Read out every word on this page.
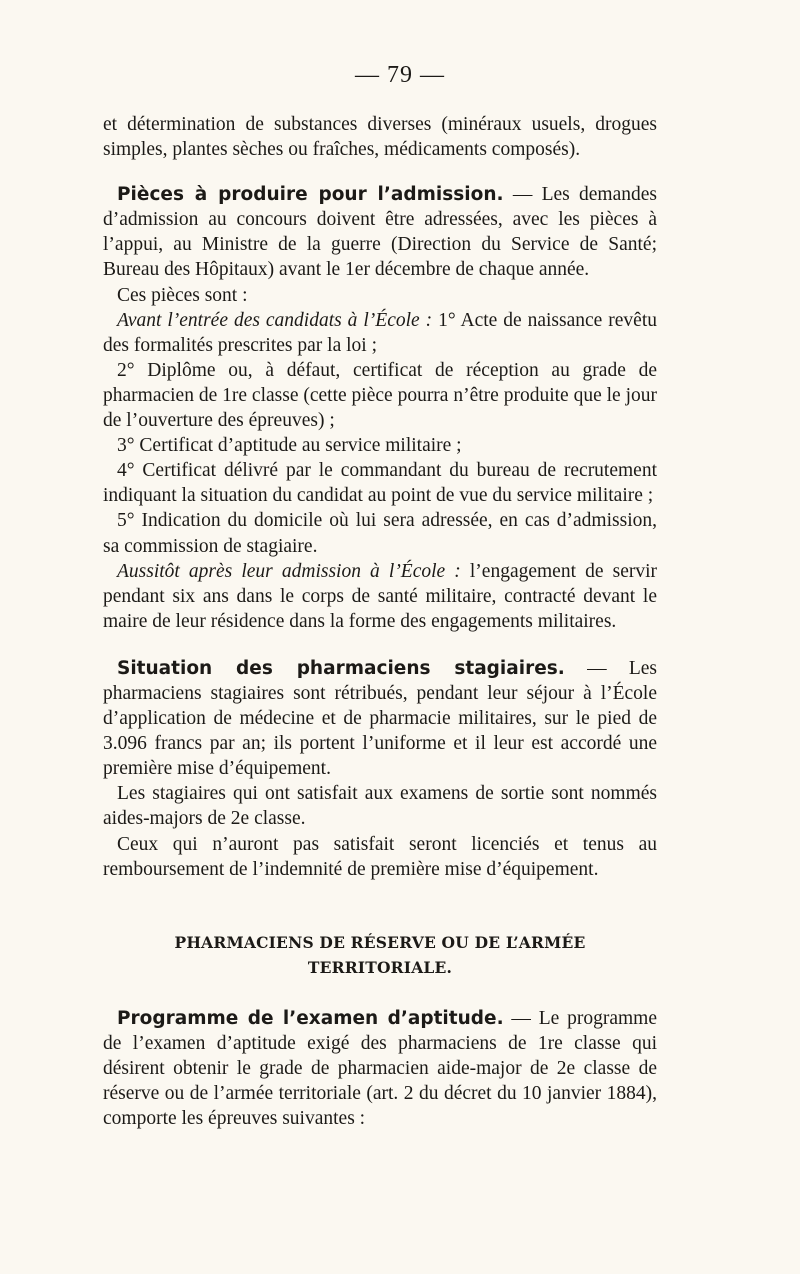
— 79 —

et détermination de substances diverses (minéraux usuels, drogues simples, plantes sèches ou fraîches, médicaments composés).

Pièces à produire pour l’admission. — Les demandes d’admission au concours doivent être adressées, avec les pièces à l’appui, au Ministre de la guerre (Direction du Service de Santé; Bureau des Hôpitaux) avant le 1er décembre de chaque année.

Ces pièces sont :

Avant l’entrée des candidats à l’École : 1° Acte de naissance revêtu des formalités prescrites par la loi ;

2° Diplôme ou, à défaut, certificat de réception au grade de pharmacien de 1re classe (cette pièce pourra n’être produite que le jour de l’ouverture des épreuves) ;

3° Certificat d’aptitude au service militaire ;

4° Certificat délivré par le commandant du bureau de recrutement indiquant la situation du candidat au point de vue du service militaire ;

5° Indication du domicile où lui sera adressée, en cas d’admission, sa commission de stagiaire.

Aussitôt après leur admission à l’École : l’engagement de servir pendant six ans dans le corps de santé militaire, contracté devant le maire de leur résidence dans la forme des engagements militaires.

Situation des pharmaciens stagiaires. — Les pharmaciens stagiaires sont rétribués, pendant leur séjour à l’École d’application de médecine et de pharmacie militaires, sur le pied de 3.096 francs par an; ils portent l’uniforme et il leur est accordé une première mise d’équipement.

Les stagiaires qui ont satisfait aux examens de sortie sont nommés aides-majors de 2e classe.

Ceux qui n’auront pas satisfait seront licenciés et tenus au remboursement de l’indemnité de première mise d’équipement.

PHARMACIENS DE RÉSERVE OU DE L’ARMÉE TERRITORIALE.

Programme de l’examen d’aptitude. — Le programme de l’examen d’aptitude exigé des pharmaciens de 1re classe qui désirent obtenir le grade de pharmacien aide-major de 2e classe de réserve ou de l’armée territoriale (art. 2 du décret du 10 janvier 1884), comporte les épreuves suivantes :
